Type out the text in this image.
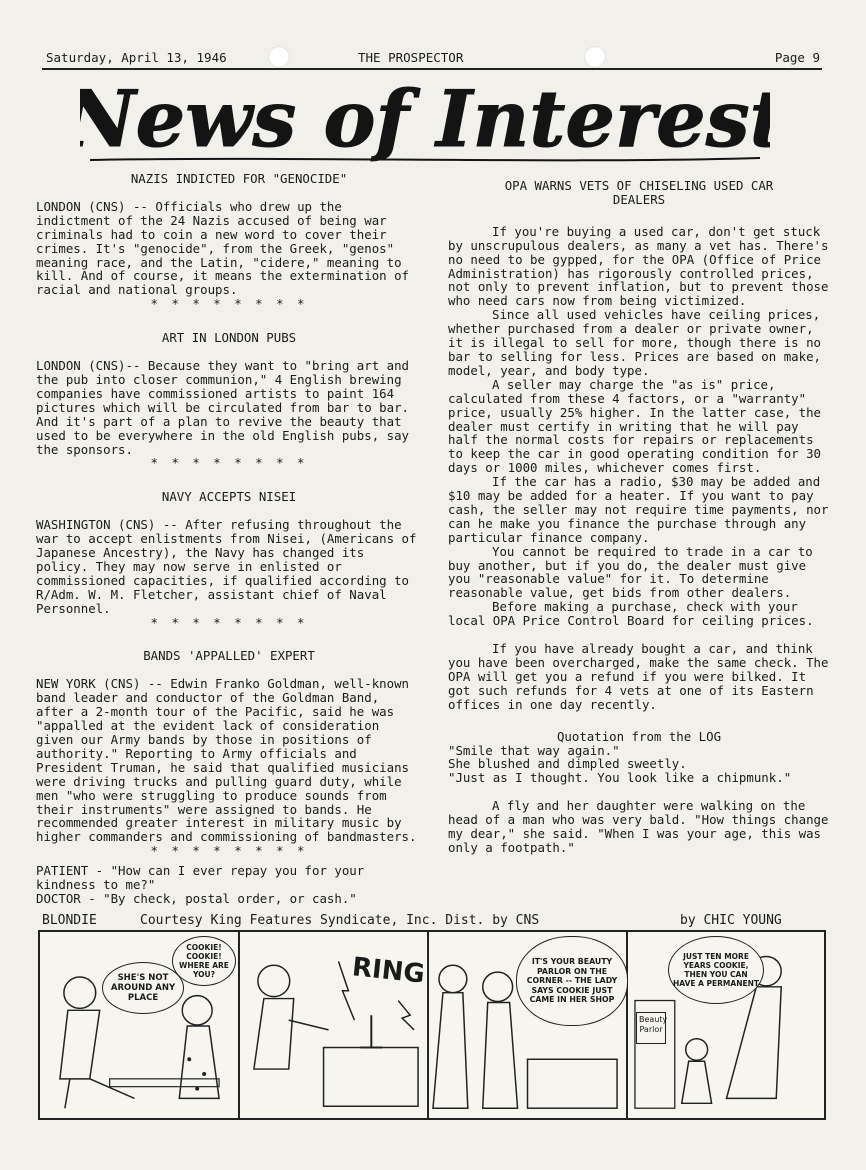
Saturday, April 13, 1946	THE PROSPECTOR	Page 9
News of Interest

NAZIS INDICTED FOR "GENOCIDE"

LONDON (CNS) -- Officials who drew up the indictment of the 24 Nazis accused of being war criminals had to coin a new word to cover their crimes. It's "genocide", from the Greek, "genos" meaning race, and the Latin, "cidere," meaning to kill. And of course, it means the extermination of racial and national groups.

* * * * * * * *

ART IN LONDON PUBS

LONDON (CNS)-- Because they want to "bring art and the pub into closer communion," 4 English brewing companies have commissioned artists to paint 164 pictures which will be circulated from bar to bar. And it's part of a plan to revive the beauty that used to be everywhere in the old English pubs, say the sponsors.

* * * * * * * *

NAVY ACCEPTS NISEI

WASHINGTON (CNS) -- After refusing throughout the war to accept enlistments from Nisei, (Americans of Japanese Ancestry), the Navy has changed its policy. They may now serve in enlisted or commissioned capacities, if qualified according to R/Adm. W. M. Fletcher, assistant chief of Naval Personnel.

* * * * * * * *

BANDS 'APPALLED' EXPERT

NEW YORK (CNS) -- Edwin Franko Goldman, well-known band leader and conductor of the Goldman Band, after a 2-month tour of the Pacific, said he was "appalled at the evident lack of consideration given our Army bands by those in positions of authority." Reporting to Army officials and President Truman, he said that qualified musicians were driving trucks and pulling guard duty, while men "who were struggling to produce sounds from their instruments" were assigned to bands. He recommended greater interest in military music by higher commanders and commissioning of bandmasters.

* * * * * * * *

PATIENT - "How can I ever repay you for your kindness to me?"

DOCTOR - "By check, postal order, or cash."

OPA WARNS VETS OF CHISELING USED CAR DEALERS

If you're buying a used car, don't get stuck by unscrupulous dealers, as many a vet has. There's no need to be gypped, for the OPA (Office of Price Administration) has rigorously controlled prices, not only to prevent inflation, but to prevent those who need cars now from being victimized.

Since all used vehicles have ceiling prices, whether purchased from a dealer or private owner, it is illegal to sell for more, though there is no bar to selling for less. Prices are based on make, model, year, and body type.

A seller may charge the "as is" price, calculated from these 4 factors, or a "warranty" price, usually 25% higher. In the latter case, the dealer must certify in writing that he will pay half the normal costs for repairs or replacements to keep the car in good operating condition for 30 days or 1000 miles, whichever comes first.

If the car has a radio, $30 may be added and $10 may be added for a heater. If you want to pay cash, the seller may not require time payments, nor can he make you finance the purchase through any particular finance company.

You cannot be required to trade in a car to buy another, but if you do, the dealer must give you "reasonable value" for it. To determine reasonable value, get bids from other dealers.

Before making a purchase, check with your local OPA Price Control Board for ceiling prices.

If you have already bought a car, and think you have been overcharged, make the same check. The OPA will get you a refund if you were bilked. It got such refunds for 4 vets at one of its Eastern offices in one day recently.

Quotation from the LOG

"Smile that way again."

She blushed and dimpled sweetly.

"Just as I thought. You look like a chipmunk."

A fly and her daughter were walking on the head of a man who was very bald. "How things change my dear," she said. "When I was your age, this was only a footpath."

BLONDIE	Courtesy King Features Syndicate, Inc. Dist. by CNS	by CHIC YOUNG
SHE'S NOT AROUND ANY PLACE
COOKIE! COOKIE! WHERE ARE YOU?	RING	IT'S YOUR BEAUTY PARLOR ON THE CORNER -- THE LADY SAYS COOKIE JUST CAME IN HER SHOP
Beauty Parlor
JUST TEN MORE YEARS COOKIE, THEN YOU CAN HAVE A PERMANENT
